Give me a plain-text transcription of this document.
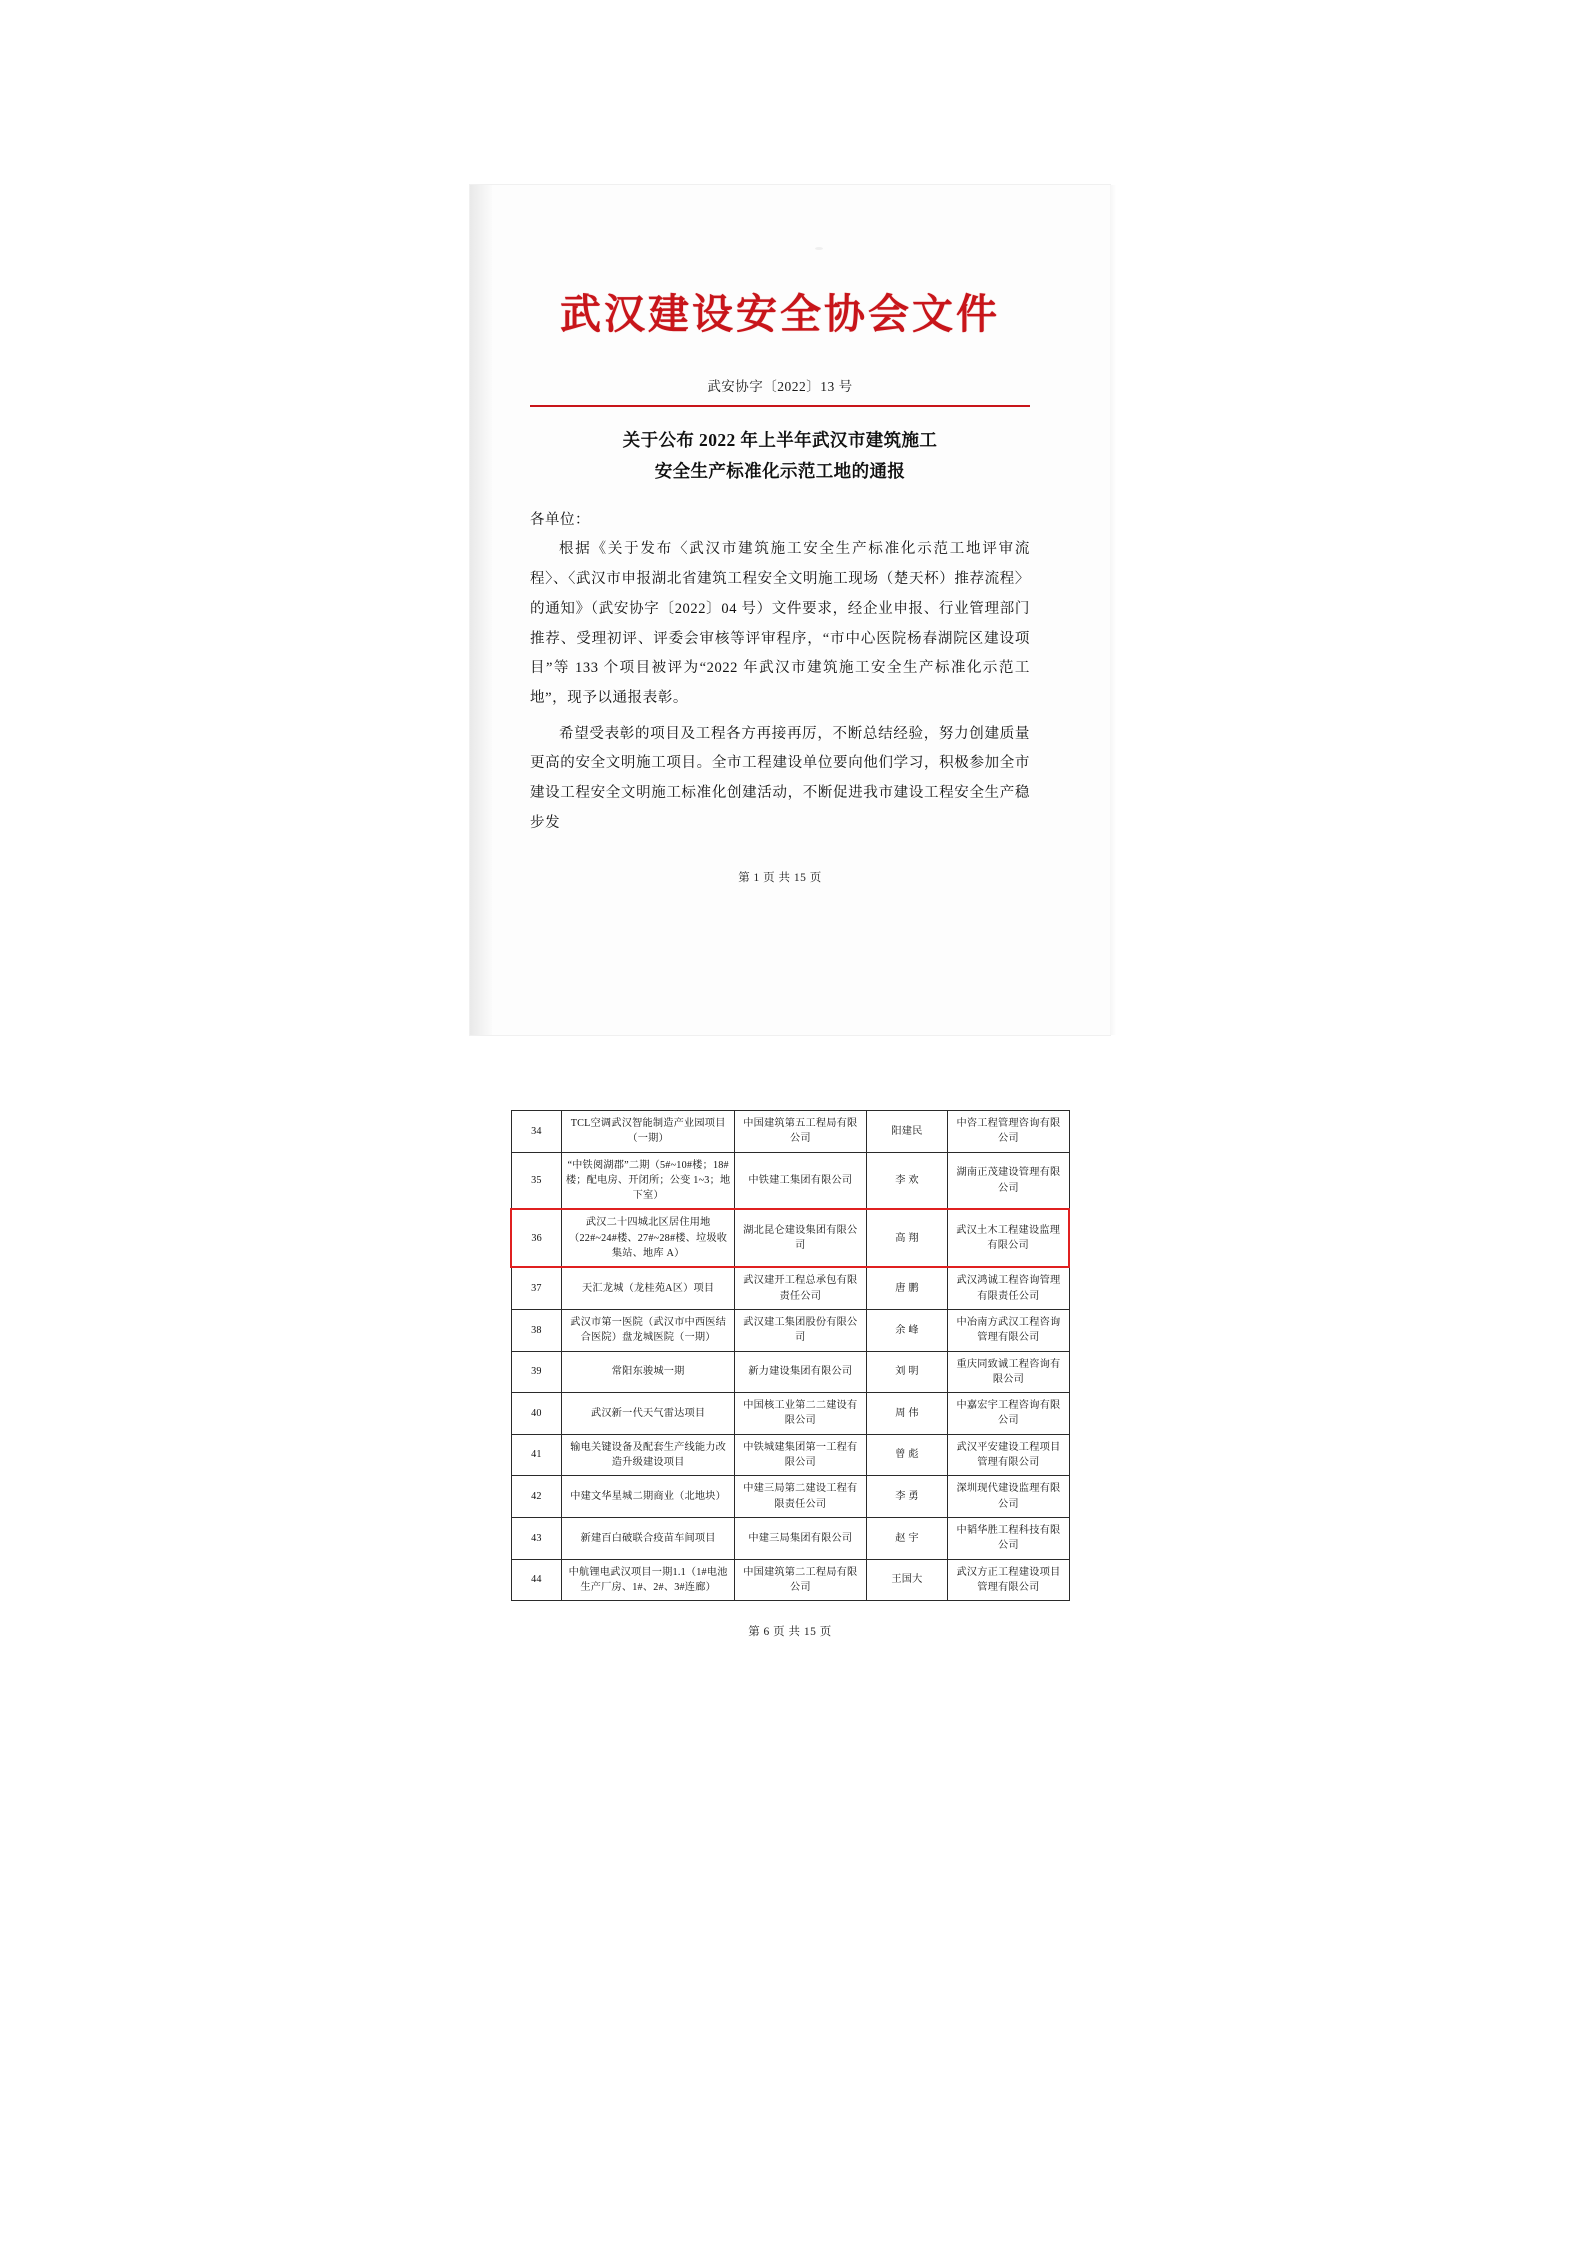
武汉建设安全协会文件
武安协字〔2022〕13 号
关于公布 2022 年上半年武汉市建筑施工
安全生产标准化示范工地的通报
各单位：

根据《关于发布〈武汉市建筑施工安全生产标准化示范工地评审流程〉、〈武汉市申报湖北省建筑工程安全文明施工现场（楚天杯）推荐流程〉的通知》（武安协字〔2022〕04 号）文件要求，经企业申报、行业管理部门推荐、受理初评、评委会审核等评审程序，“市中心医院杨春湖院区建设项目”等 133 个项目被评为“2022 年武汉市建筑施工安全生产标准化示范工地”，现予以通报表彰。

希望受表彰的项目及工程各方再接再厉，不断总结经验，努力创建质量更高的安全文明施工项目。全市工程建设单位要向他们学习，积极参加全市建设工程安全文明施工标准化创建活动，不断促进我市建设工程安全生产稳步发

第 1 页 共 15 页
34	TCL空调武汉智能制造产业园项目（一期）	中国建筑第五工程局有限公司	阳建民	中咨工程管理咨询有限公司
35	“中铁阅湖郡”二期（5#~10#楼；18#楼；配电房、开闭所；公变 1~3；地下室）	中铁建工集团有限公司	李 欢	湖南正茂建设管理有限公司
36	武汉二十四城北区居住用地（22#~24#楼、27#~28#楼、垃圾收集站、地库 A）	湖北昆仑建设集团有限公司	高 翔	武汉土木工程建设监理有限公司
37	天汇龙城（龙桂苑A区）项目	武汉建开工程总承包有限责任公司	唐 鹏	武汉鸿诚工程咨询管理有限责任公司
38	武汉市第一医院（武汉市中西医结合医院）盘龙城医院（一期）	武汉建工集团股份有限公司	余 峰	中冶南方武汉工程咨询管理有限公司
39	常阳东骏城一期	新力建设集团有限公司	刘 明	重庆同致诚工程咨询有限公司
40	武汉新一代天气雷达项目	中国核工业第二二建设有限公司	周 伟	中嘉宏宇工程咨询有限公司
41	输电关键设备及配套生产线能力改造升级建设项目	中铁城建集团第一工程有限公司	曾 彪	武汉平安建设工程项目管理有限公司
42	中建文华星城二期商业（北地块）	中建三局第二建设工程有限责任公司	李 勇	深圳现代建设监理有限公司
43	新建百白破联合疫苗车间项目	中建三局集团有限公司	赵 宇	中韬华胜工程科技有限公司
44	中航锂电武汉项目一期1.1（1#电池生产厂房、1#、2#、3#连廊）	中国建筑第二工程局有限公司	王国大	武汉方正工程建设项目管理有限公司
第 6 页 共 15 页
